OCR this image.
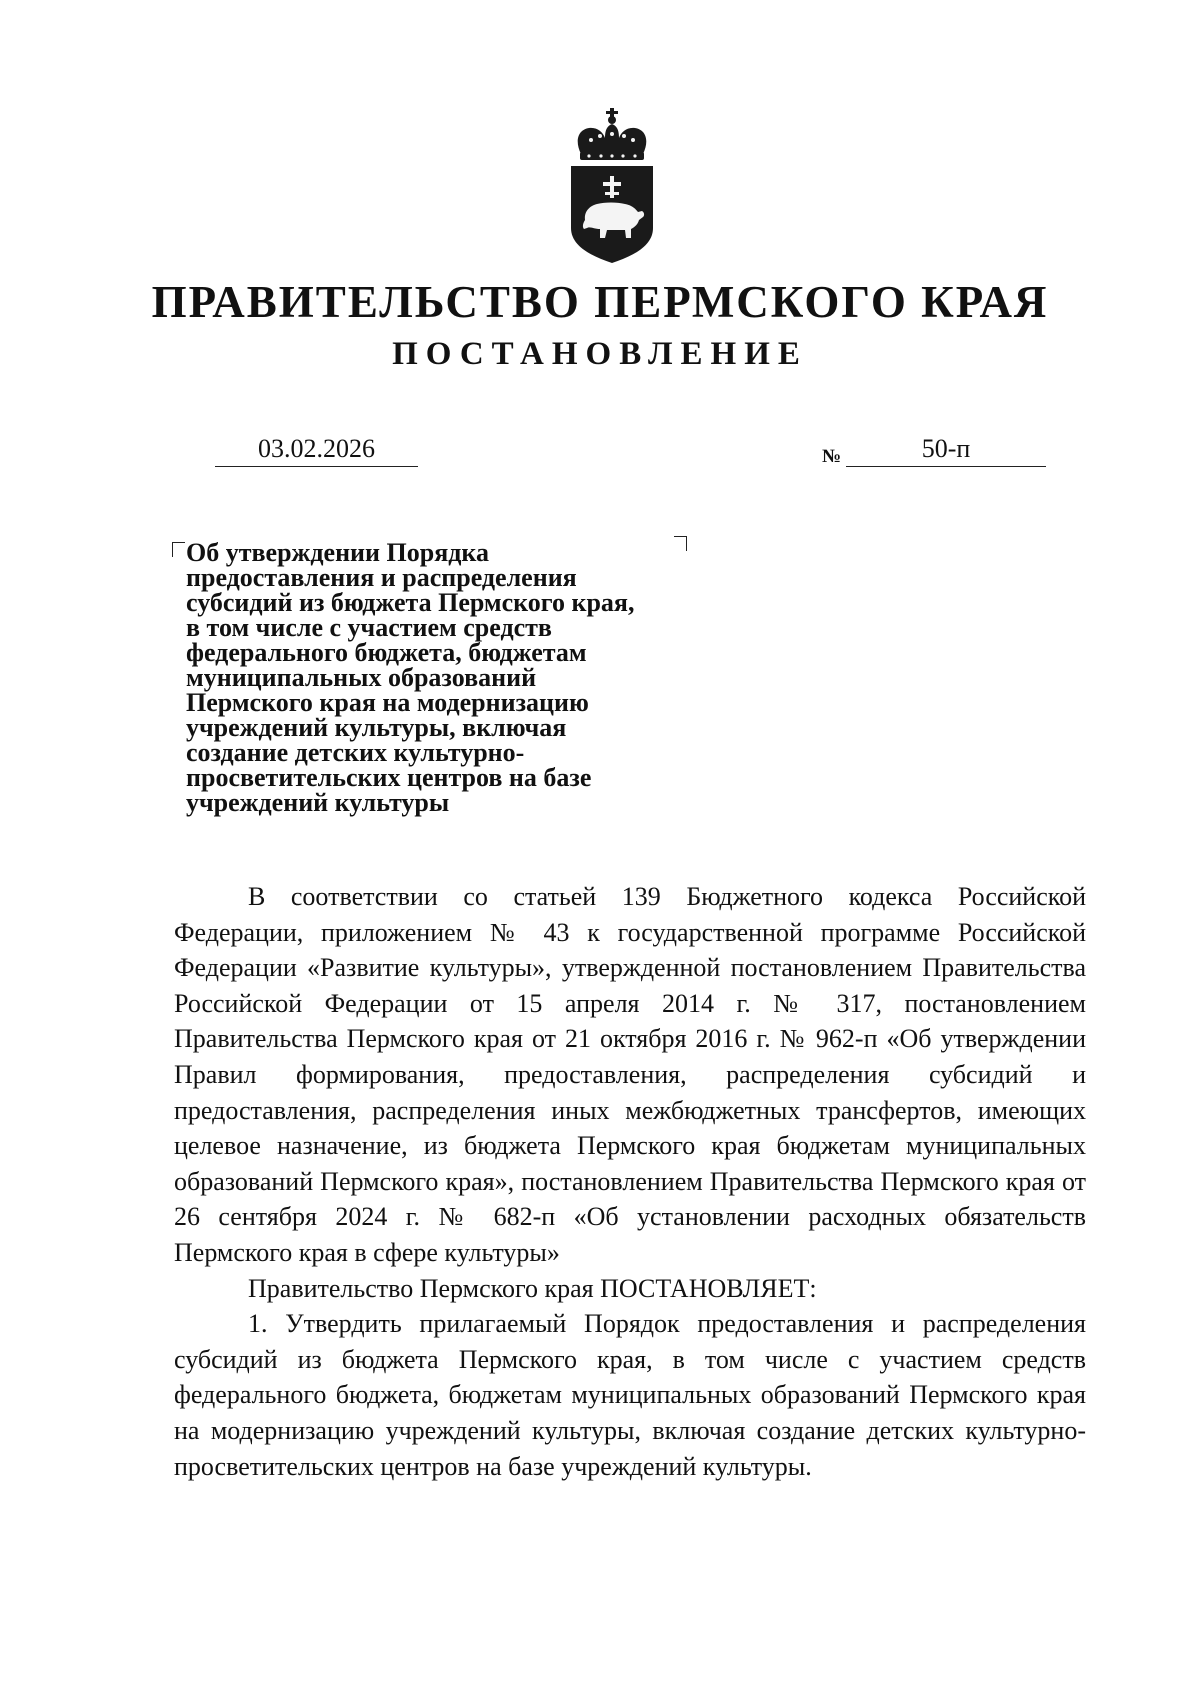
ПРАВИТЕЛЬСТВО ПЕРМСКОГО КРАЯ
ПОСТАНОВЛЕНИЕ
03.02.2026	№	50-п
Об утверждении Порядка
предоставления и распределения
субсидий из бюджета Пермского края,
в том числе с участием средств
федерального бюджета, бюджетам
муниципальных образований
Пермского края на модернизацию
учреждений культуры, включая
создание детских культурно-
просветительских центров на базе
учреждений культуры

В соответствии со статьей 139 Бюджетного кодекса Российской Федерации, приложением № 43 к государственной программе Российской Федерации «Развитие культуры», утвержденной постановлением Правительства Российской Федерации от 15 апреля 2014 г. № 317, постановлением Правительства Пермского края от 21 октября 2016 г. № 962-п «Об утверждении Правил формирования, предоставления, распределения субсидий и предоставления, распределения иных межбюджетных трансфертов, имеющих целевое назначение, из бюджета Пермского края бюджетам муниципальных образований Пермского края», постановлением Правительства Пермского края от 26 сентября 2024 г. № 682-п «Об установлении расходных обязательств Пермского края в сфере культуры»

Правительство Пермского края ПОСТАНОВЛЯЕТ:

1. Утвердить прилагаемый Порядок предоставления и распределения субсидий из бюджета Пермского края, в том числе с участием средств федерального бюджета, бюджетам муниципальных образований Пермского края на модернизацию учреждений культуры, включая создание детских культурно-просветительских центров на базе учреждений культуры.
